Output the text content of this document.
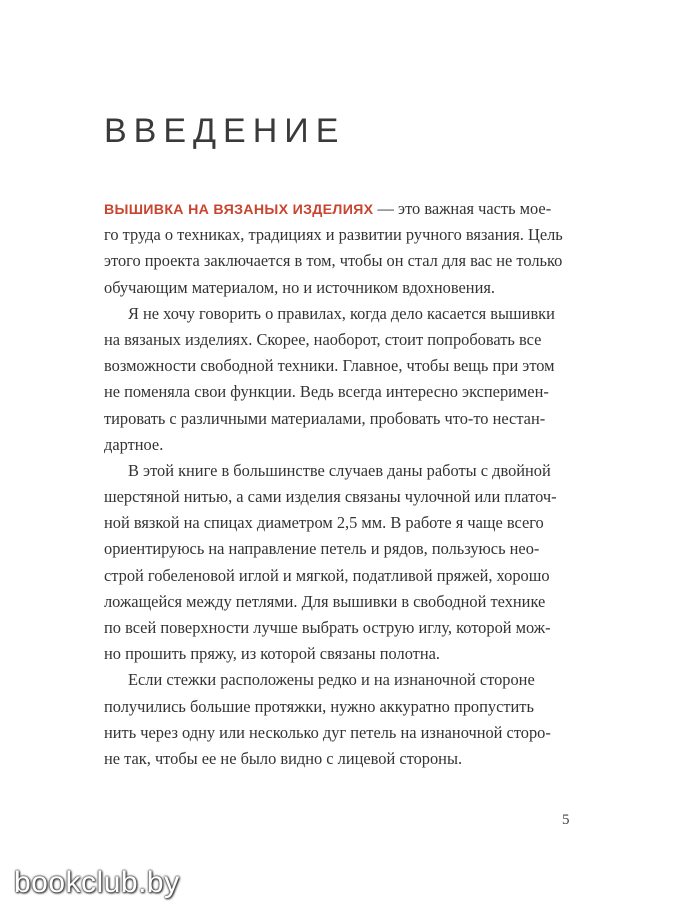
ВВЕДЕНИЕ
ВЫШИВКА НА ВЯЗАНЫХ ИЗДЕЛИЯХ — это важная часть мое-
го труда о техниках, традициях и развитии ручного вязания. Цель
этого проекта заключается в том, чтобы он стал для вас не только
обучающим материалом, но и источником вдохновения.
Я не хочу говорить о правилах, когда дело касается вышивки
на вязаных изделиях. Скорее, наоборот, стоит попробовать все
возможности свободной техники. Главное, чтобы вещь при этом
не поменяла свои функции. Ведь всегда интересно эксперимен-
тировать с различными материалами, пробовать что-то нестан-
дартное.
В этой книге в большинстве случаев даны работы с двойной
шерстяной нитью, а сами изделия связаны чулочной или платоч-
ной вязкой на спицах диаметром 2,5 мм. В работе я чаще всего
ориентируюсь на направление петель и рядов, пользуюсь нео-
строй гобеленовой иглой и мягкой, податливой пряжей, хорошо
ложащейся между петлями. Для вышивки в свободной технике
по всей поверхности лучше выбрать острую иглу, которой мож-
но прошить пряжу, из которой связаны полотна.
Если стежки расположены редко и на изнаночной стороне
получились большие протяжки, нужно аккуратно пропустить
нить через одну или несколько дуг петель на изнаночной сторо-
не так, чтобы ее не было видно с лицевой стороны.
5
bookclub.by
